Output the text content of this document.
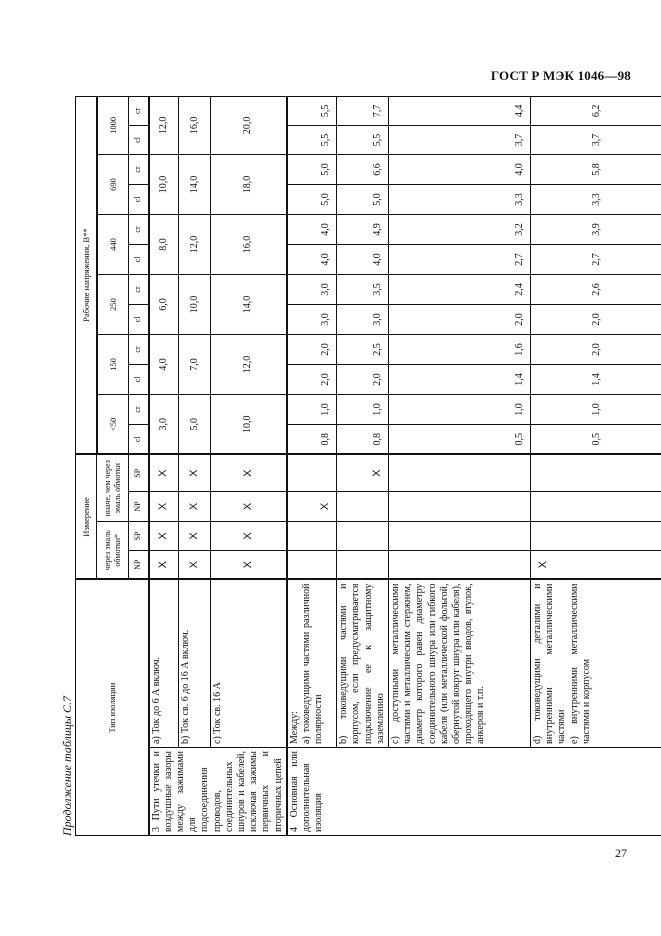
ГОСТ Р МЭК 1046—98
Продолжение таблицы С.7	Тип изоляции		Измерение				Рабочие напряжения, В**											
		через эмаль обмотки*		иначе, чем через эмаль обмотки		<50		150		250		440		690		1000	
		NP	SP	NP	SP	cl	cr	cl	cr	cl	cr	cl	cr	cl	cr	cl	cr
3 Пути утечки и воздушные зазоры между зажимами для подсоединения проводов, соединительных шнуров и кабелей, исключая зажимы первичных и вторичных цепей	a) Ток до 6 А включ.	X	X	X	X	3,0		4,0		6,0		8,0		10,0		12,0	
	b) Ток св. 6 до 16 А включ.	X	X	X	X	5,0		7,0		10,0		12,0		14,0		16,0	
	c) Ток св. 16 А	X	X	X	X	10,0		12,0		14,0		16,0		18,0		20,0	
4 Основная или дополнительная изоляция	Между: a) токоведущими частями различной полярности			X		0,8	1,0	2,0	2,0	3,0	3,0	4,0	4,0	5,0	5,0	5,5	5,5
	b) токоведущими частями и корпусом, если предусматривается подключение ее к защитному заземлению				X	0,8	1,0	2,0	2,5	3,0	3,5	4,0	4,9	5,0	6,6	5,5	7,7
	c) доступными металлическими частями и металлическим стержнем, диаметр которого равен диаметру соединительного шнура или гибкого кабеля (или металлической фольгой, обернутой вокруг шнура или кабеля), проходящего внутри вводов, втулок, анкеров и т.п.					0,5	1,0	1,4	1,6	2,0	2,4	2,7	3,2	3,3	4,0	3,7	4,4

	d) токоведущими деталями и внутренними металлическими частями e) внутренними металлическими частями и корпусом	X				0,5	1,0	1,4	2,0	2,0	2,6	2,7	3,9	3,3	5,8	3,7	6,2
27
